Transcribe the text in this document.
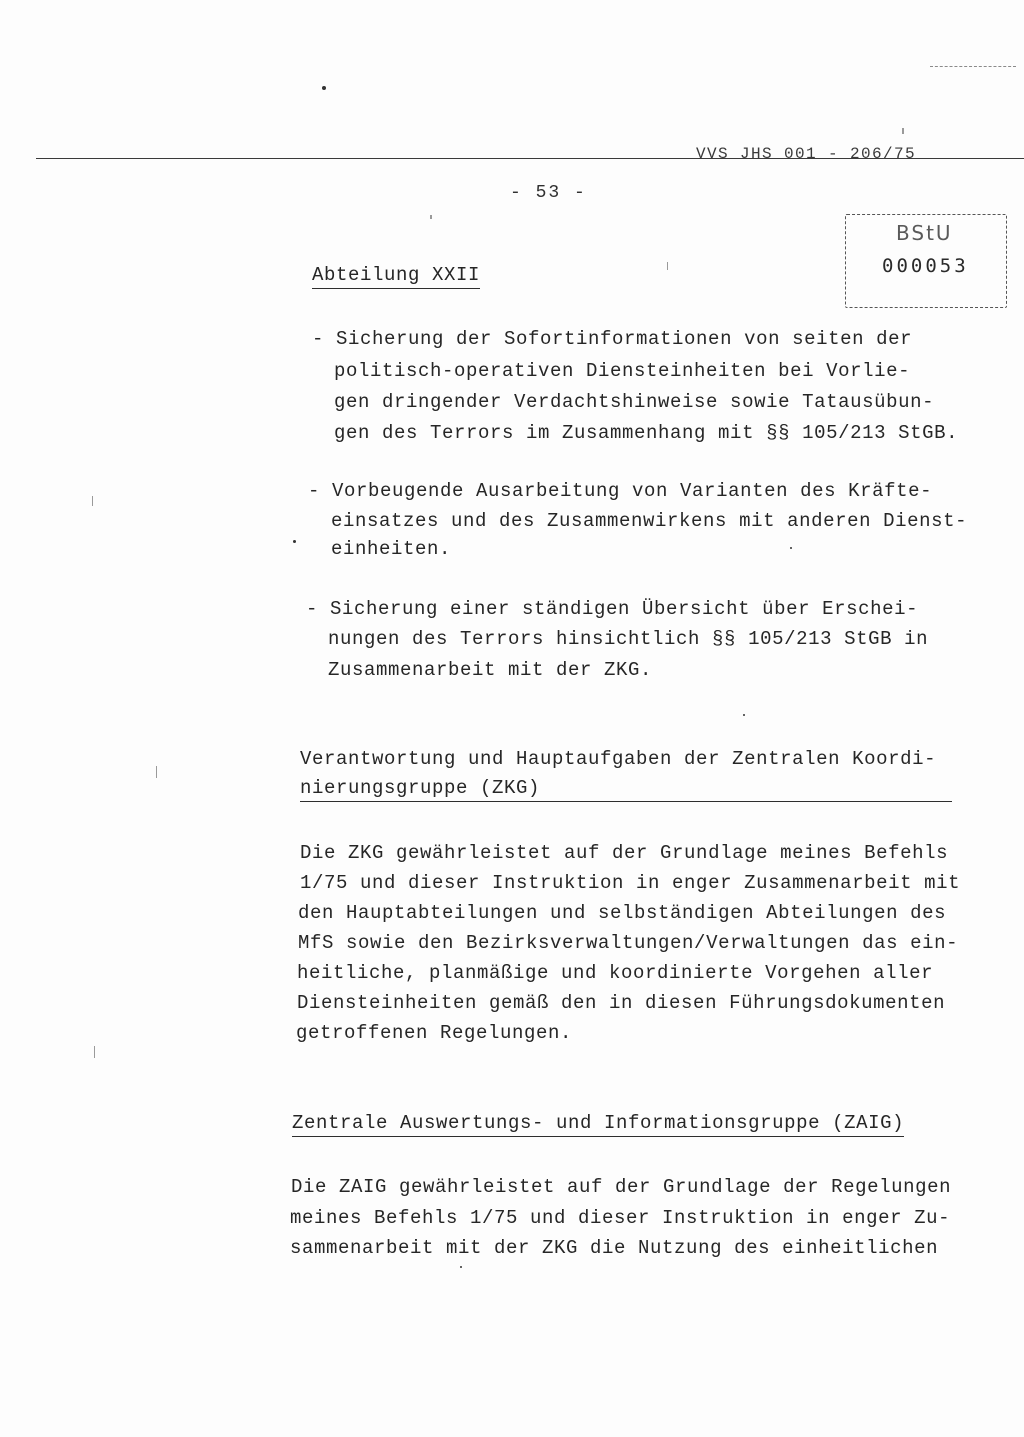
VVS JHS 001 - 206/75
- 53 -
BStU
000053
Abteilung XXII
- Sicherung der Sofortinformationen von seiten der
politisch-operativen Diensteinheiten bei Vorlie-
gen dringender Verdachtshinweise sowie Tatausübun-
gen des Terrors im Zusammenhang mit §§ 105/213 StGB.
- Vorbeugende Ausarbeitung von Varianten des Kräfte-
einsatzes und des Zusammenwirkens mit anderen Dienst-
einheiten.
- Sicherung einer ständigen Übersicht über Erschei-
nungen des Terrors hinsichtlich §§ 105/213 StGB in
Zusammenarbeit mit der ZKG.
Verantwortung und Hauptaufgaben der Zentralen Koordi-
nierungsgruppe (ZKG)
Die ZKG gewährleistet auf der Grundlage meines Befehls
1/75 und dieser Instruktion in enger Zusammenarbeit mit
den Hauptabteilungen und selbständigen Abteilungen des
MfS sowie den Bezirksverwaltungen/Verwaltungen das ein-
heitliche, planmäßige und koordinierte Vorgehen aller
Diensteinheiten gemäß den in diesen Führungsdokumenten
getroffenen Regelungen.
Zentrale Auswertungs- und Informationsgruppe (ZAIG)
Die ZAIG gewährleistet auf der Grundlage der Regelungen
meines Befehls 1/75 und dieser Instruktion in enger Zu-
sammenarbeit mit der ZKG die Nutzung des einheitlichen
